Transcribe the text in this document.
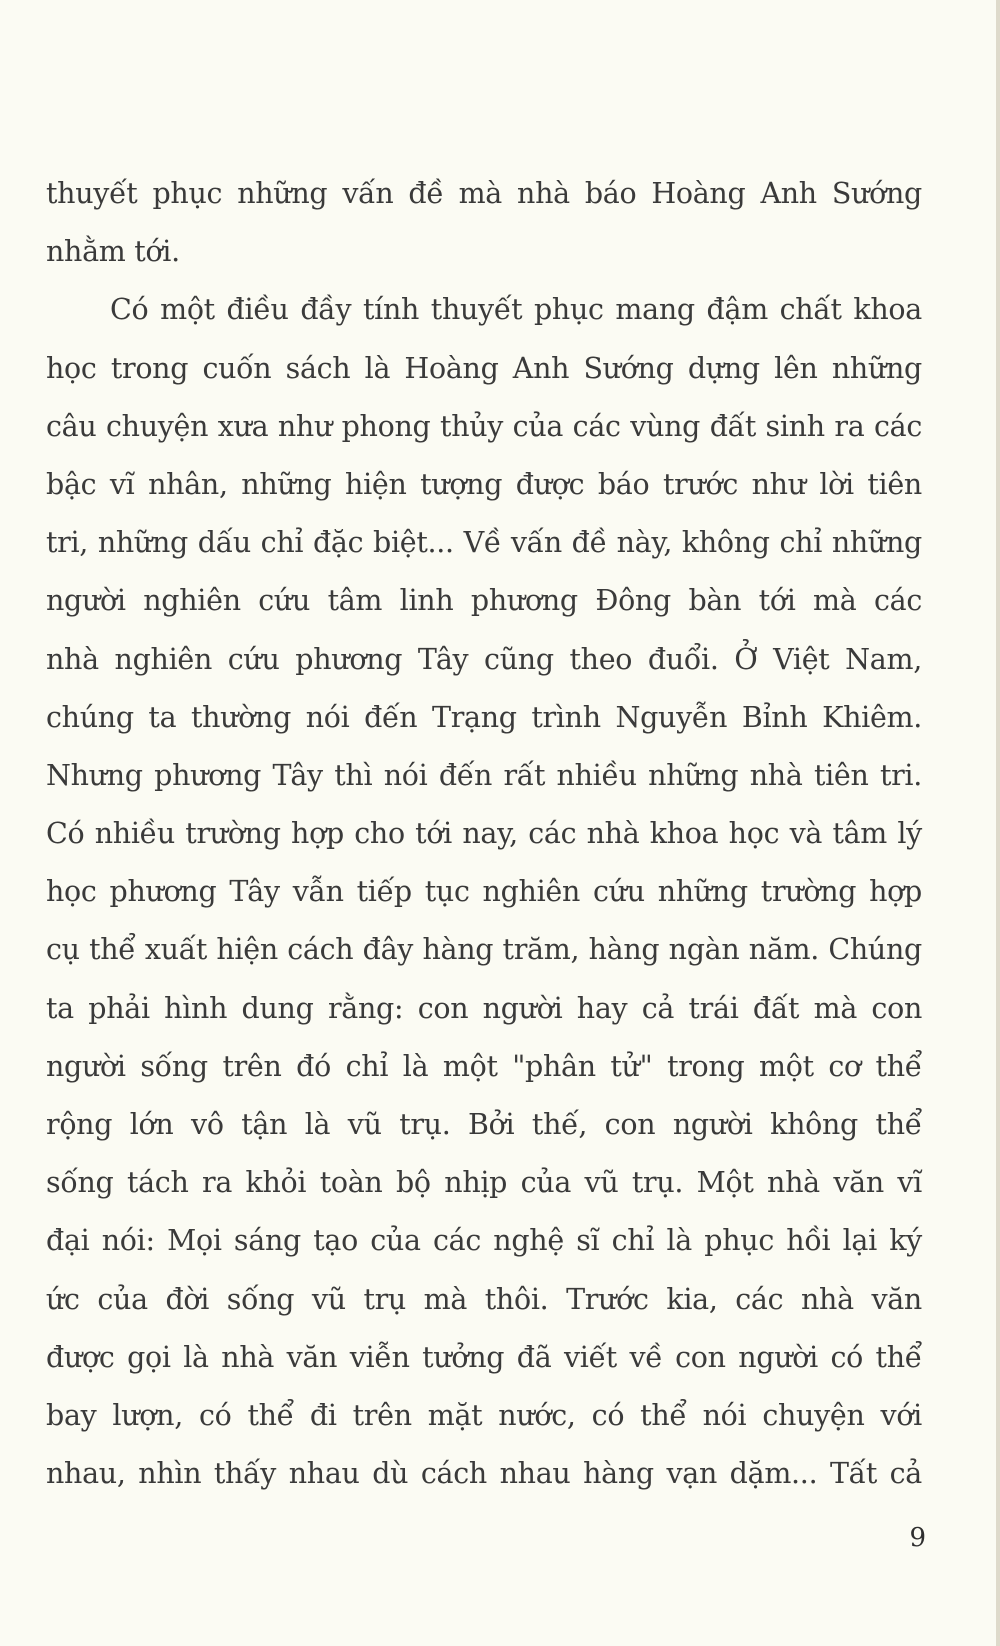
thuyết phục những vấn đề mà nhà báo Hoàng Anh Sướng
nhằm tới.
Có một điều đầy tính thuyết phục mang đậm chất khoa
học trong cuốn sách là Hoàng Anh Sướng dựng lên những
câu chuyện xưa như phong thủy của các vùng đất sinh ra các
bậc vĩ nhân, những hiện tượng được báo trước như lời tiên
tri, những dấu chỉ đặc biệt... Về vấn đề này, không chỉ những
người nghiên cứu tâm linh phương Đông bàn tới mà các
nhà nghiên cứu phương Tây cũng theo đuổi. Ở Việt Nam,
chúng ta thường nói đến Trạng trình Nguyễn Bỉnh Khiêm.
Nhưng phương Tây thì nói đến rất nhiều những nhà tiên tri.
Có nhiều trường hợp cho tới nay, các nhà khoa học và tâm lý
học phương Tây vẫn tiếp tục nghiên cứu những trường hợp
cụ thể xuất hiện cách đây hàng trăm, hàng ngàn năm. Chúng
ta phải hình dung rằng: con người hay cả trái đất mà con
người sống trên đó chỉ là một "phân tử" trong một cơ thể
rộng lớn vô tận là vũ trụ. Bởi thế, con người không thể
sống tách ra khỏi toàn bộ nhịp của vũ trụ. Một nhà văn vĩ
đại nói: Mọi sáng tạo của các nghệ sĩ chỉ là phục hồi lại ký
ức của đời sống vũ trụ mà thôi. Trước kia, các nhà văn
được gọi là nhà văn viễn tưởng đã viết về con người có thể
bay lượn, có thể đi trên mặt nước, có thể nói chuyện với
nhau, nhìn thấy nhau dù cách nhau hàng vạn dặm... Tất cả
9
